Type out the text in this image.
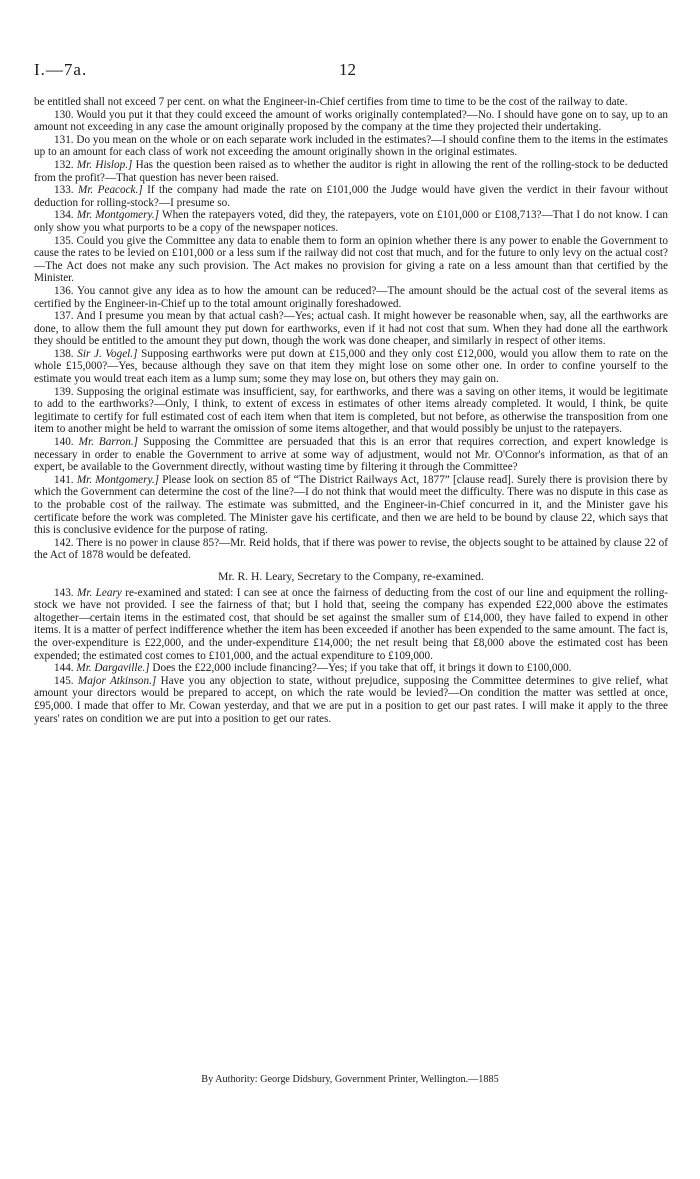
I.—7a.	12

be entitled shall not exceed 7 per cent. on what the Engineer-in-Chief certifies from time to time to be the cost of the railway to date.

130. Would you put it that they could exceed the amount of works originally contemplated?—No. I should have gone on to say, up to an amount not exceeding in any case the amount originally proposed by the company at the time they projected their undertaking.

131. Do you mean on the whole or on each separate work included in the estimates?—I should confine them to the items in the estimates up to an amount for each class of work not exceeding the amount originally shown in the original estimates.

132. Mr. Hislop.] Has the question been raised as to whether the auditor is right in allowing the rent of the rolling-stock to be deducted from the profit?—That question has never been raised.

133. Mr. Peacock.] If the company had made the rate on £101,000 the Judge would have given the verdict in their favour without deduction for rolling-stock?—I presume so.

134. Mr. Montgomery.] When the ratepayers voted, did they, the ratepayers, vote on £101,000 or £108,713?—That I do not know. I can only show you what purports to be a copy of the newspaper notices.

135. Could you give the Committee any data to enable them to form an opinion whether there is any power to enable the Government to cause the rates to be levied on £101,000 or a less sum if the railway did not cost that much, and for the future to only levy on the actual cost?—The Act does not make any such provision. The Act makes no provision for giving a rate on a less amount than that certified by the Minister.

136. You cannot give any idea as to how the amount can be reduced?—The amount should be the actual cost of the several items as certified by the Engineer-in-Chief up to the total amount originally foreshadowed.

137. And I presume you mean by that actual cash?—Yes; actual cash. It might however be reasonable when, say, all the earthworks are done, to allow them the full amount they put down for earthworks, even if it had not cost that sum. When they had done all the earthwork they should be entitled to the amount they put down, though the work was done cheaper, and similarly in respect of other items.

138. Sir J. Vogel.] Supposing earthworks were put down at £15,000 and they only cost £12,000, would you allow them to rate on the whole £15,000?—Yes, because although they save on that item they might lose on some other one. In order to confine yourself to the estimate you would treat each item as a lump sum; some they may lose on, but others they may gain on.

139. Supposing the original estimate was insufficient, say, for earthworks, and there was a saving on other items, it would be legitimate to add to the earthworks?—Only, I think, to extent of excess in estimates of other items already completed. It would, I think, be quite legitimate to certify for full estimated cost of each item when that item is completed, but not before, as otherwise the transposition from one item to another might be held to warrant the omission of some items altogether, and that would possibly be unjust to the ratepayers.

140. Mr. Barron.] Supposing the Committee are persuaded that this is an error that requires correction, and expert knowledge is necessary in order to enable the Government to arrive at some way of adjustment, would not Mr. O'Connor's information, as that of an expert, be available to the Government directly, without wasting time by filtering it through the Committee?

141. Mr. Montgomery.] Please look on section 85 of “The District Railways Act, 1877” [clause read]. Surely there is provision there by which the Government can determine the cost of the line?—I do not think that would meet the difficulty. There was no dispute in this case as to the probable cost of the railway. The estimate was submitted, and the Engineer-in-Chief concurred in it, and the Minister gave his certificate before the work was completed. The Minister gave his certificate, and then we are held to be bound by clause 22, which says that this is conclusive evidence for the purpose of rating.

142. There is no power in clause 85?—Mr. Reid holds, that if there was power to revise, the objects sought to be attained by clause 22 of the Act of 1878 would be defeated.

Mr. R. H. Leary, Secretary to the Company, re-examined.

143. Mr. Leary re-examined and stated: I can see at once the fairness of deducting from the cost of our line and equipment the rolling-stock we have not provided. I see the fairness of that; but I hold that, seeing the company has expended £22,000 above the estimates altogether—certain items in the estimated cost, that should be set against the smaller sum of £14,000, they have failed to expend in other items. It is a matter of perfect indifference whether the item has been exceeded if another has been expended to the same amount. The fact is, the over-expenditure is £22,000, and the under-expenditure £14,000; the net result being that £8,000 above the estimated cost has been expended; the estimated cost comes to £101,000, and the actual expenditure to £109,000.

144. Mr. Dargaville.] Does the £22,000 include financing?—Yes; if you take that off, it brings it down to £100,000.

145. Major Atkinson.] Have you any objection to state, without prejudice, supposing the Committee determines to give relief, what amount your directors would be prepared to accept, on which the rate would be levied?—On condition the matter was settled at once, £95,000. I made that offer to Mr. Cowan yesterday, and that we are put in a position to get our past rates. I will make it apply to the three years' rates on condition we are put into a position to get our rates.

By Authority: George Didsbury, Government Printer, Wellington.—1885
